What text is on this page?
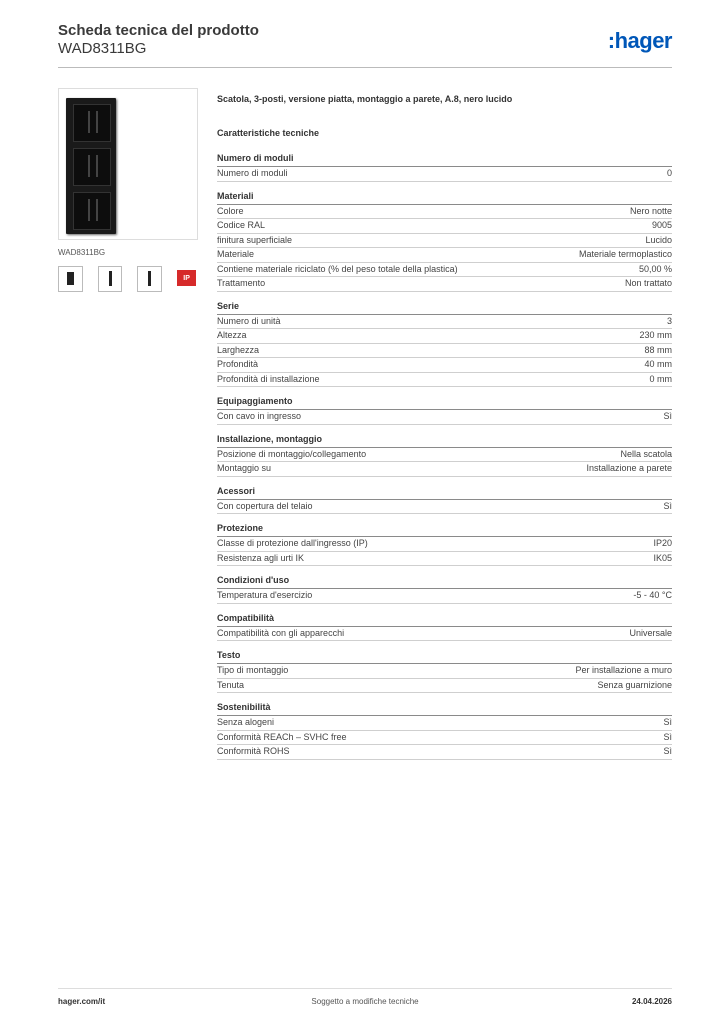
Scheda tecnica del prodotto
WAD8311BG	:hager
WAD8311BG
IP
Scatola, 3-posti, versione piatta, montaggio a parete, A.8, nero lucido
Caratteristiche tecniche
Numero di moduli
Numero di moduli	0
Materiali
Colore	Nero notte
Codice RAL	9005
finitura superficiale	Lucido
Materiale	Materiale termoplastico
Contiene materiale riciclato (% del peso totale della plastica)	50,00 %
Trattamento	Non trattato
Serie
Numero di unità	3
Altezza	230 mm
Larghezza	88 mm
Profondità	40 mm
Profondità di installazione	0 mm
Equipaggiamento
Con cavo in ingresso	Sì
Installazione, montaggio
Posizione di montaggio/collegamento	Nella scatola
Montaggio su	Installazione a parete
Acessori
Con copertura del telaio	Sì
Protezione
Classe di protezione dall'ingresso (IP)	IP20
Resistenza agli urti IK	IK05
Condizioni d'uso
Temperatura d'esercizio	-5 - 40 °C
Compatibilità
Compatibilità con gli apparecchi	Universale
Testo
Tipo di montaggio	Per installazione a muro
Tenuta	Senza guarnizione
Sostenibilità
Senza alogeni	Sì
Conformità REACh – SVHC free	Sì
Conformità ROHS	Sì
hager.com/it	Soggetto a modifiche tecniche	24.04.2026
